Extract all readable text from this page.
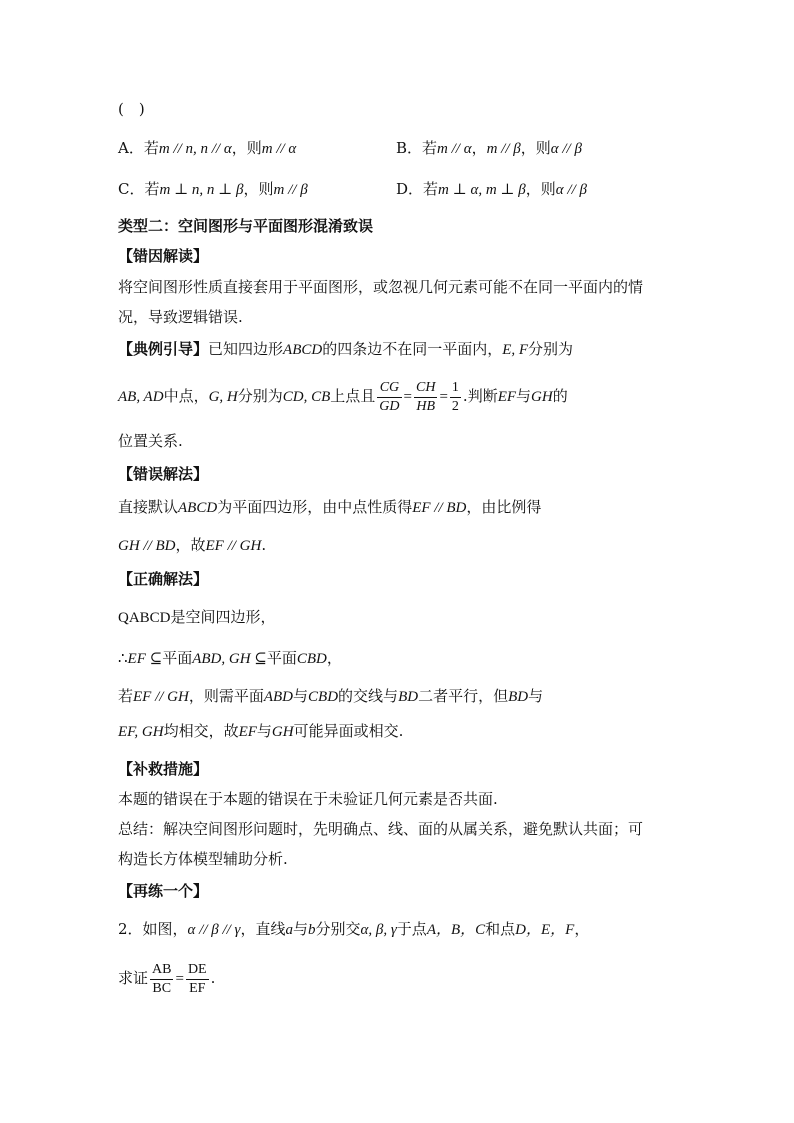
(　)
A．若m // n, n // α，则m // α	B．若m // α，m // β，则α // β
C．若m ⊥ n, n ⊥ β，则m // β	D．若m ⊥ α, m ⊥ β，则α // β
类型二：空间图形与平面图形混淆致误
【错因解读】
将空间图形性质直接套用于平面图形，或忽视几何元素可能不在同一平面内的情
况，导致逻辑错误.
【典例引导】已知四边形ABCD的四条边不在同一平面内，E, F分别为
AB, AD中点，G, H分别为CD, CB上点且 $\frac{CG}{GD} = \frac{CH}{HB} = \frac{1}{2}$ .判断EF与GH的
位置关系.
【错误解法】
直接默认ABCD为平面四边形，由中点性质得EF // BD，由比例得
GH // BD，故EF // GH.
【正确解法】
QABCD是空间四边形，
∴EF ⊆平面ABD, GH ⊆平面CBD，
若EF // GH，则需平面ABD与CBD的交线与BD二者平行，但BD与
EF, GH均相交，故EF与GH可能异面或相交.
【补救措施】
本题的错误在于本题的错误在于未验证几何元素是否共面.
总结：解决空间图形问题时，先明确点、线、面的从属关系，避免默认共面；可
构造长方体模型辅助分析.
【再练一个】
2．如图，α // β // γ，直线a与b分别交α, β, γ于点A，B，C和点D，E，F，
求证 $\frac{AB}{BC} = \frac{DE}{EF}$ .
